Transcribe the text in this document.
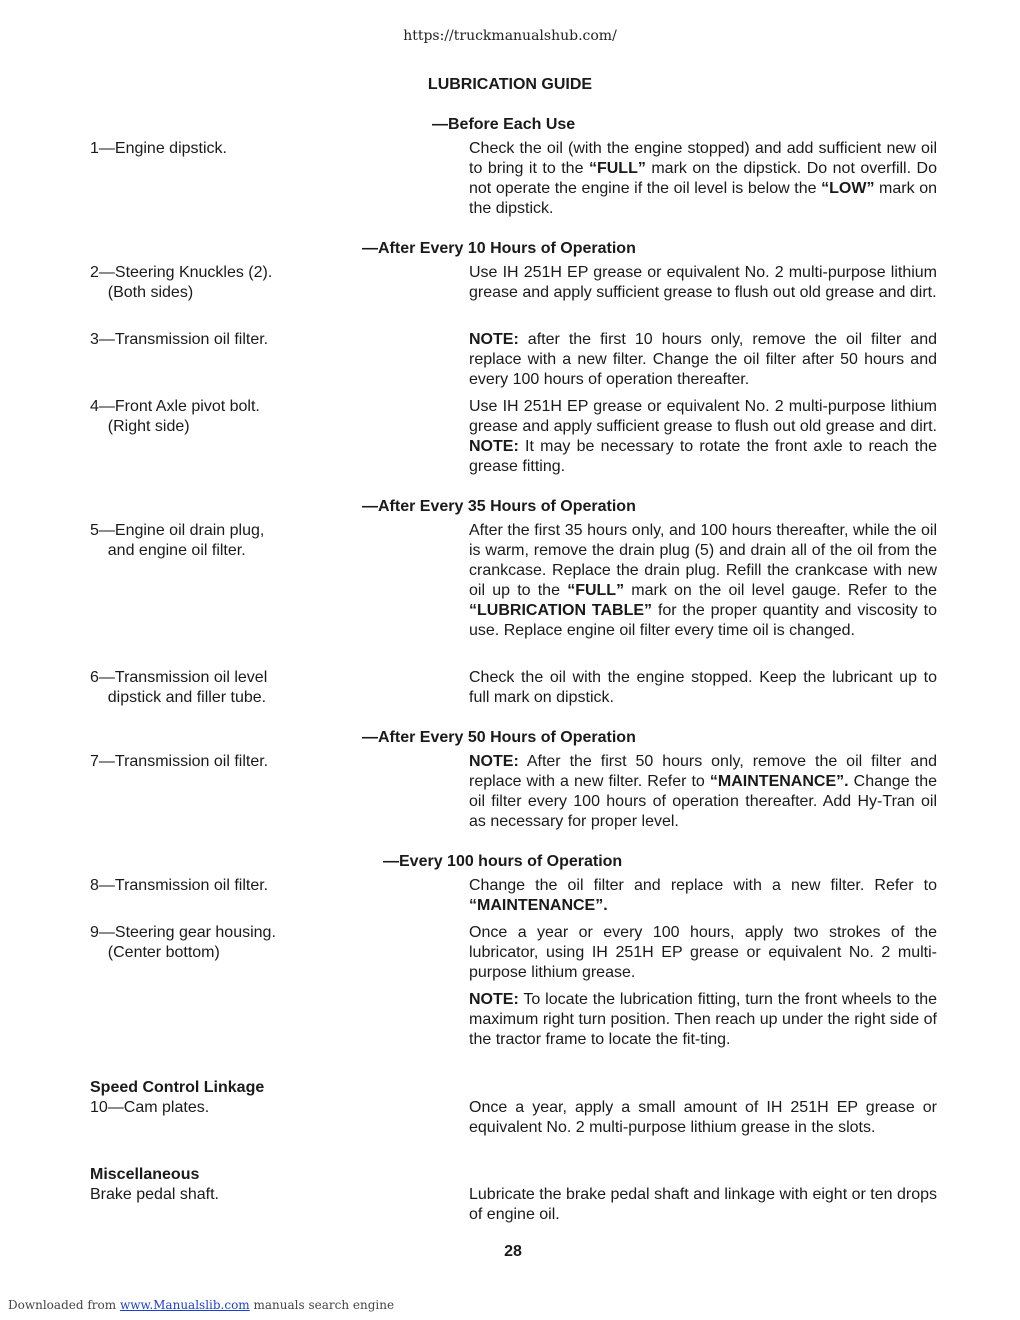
https://truckmanualshub.com/
LUBRICATION GUIDE
—Before Each Use
—After Every 10 Hours of Operation
—After Every 35 Hours of Operation
—After Every 50 Hours of Operation
—Every 100 hours of Operation
1—Engine dipstick.
2—Steering Knuckles (2).
(Both sides)
3—Transmission oil filter.
4—Front Axle pivot bolt.
(Right side)
5—Engine oil drain plug,
and engine oil filter.
6—Transmission oil level
dipstick and filler tube.
7—Transmission oil filter.
8—Transmission oil filter.
9—Steering gear housing.
(Center bottom)
Speed Control Linkage
10—Cam plates.
Miscellaneous
Brake pedal shaft.
Check the oil (with the engine stopped) and add sufficient new oil to bring it to the “FULL” mark on the dipstick. Do not overfill. Do not operate the engine if the oil level is below the “LOW” mark on the dipstick.
Use IH 251H EP grease or equivalent No. 2 multi-purpose lithium grease and apply sufficient grease to flush out old grease and dirt.
NOTE: after the first 10 hours only, remove the oil filter and replace with a new filter. Change the oil filter after 50 hours and every 100 hours of operation thereafter.
Use IH 251H EP grease or equivalent No. 2 multi-purpose lithium grease and apply sufficient grease to flush out old grease and dirt. NOTE: It may be necessary to rotate the front axle to reach the grease fitting.
After the first 35 hours only, and 100 hours thereafter, while the oil is warm, remove the drain plug (5) and drain all of the oil from the crankcase. Replace the drain plug. Refill the crankcase with new oil up to the “FULL” mark on the oil level gauge. Refer to the “LUBRICATION TABLE” for the proper quantity and viscosity to use. Replace engine oil filter every time oil is changed.
Check the oil with the engine stopped. Keep the lubricant up to full mark on dipstick.
NOTE: After the first 50 hours only, remove the oil filter and replace with a new filter. Refer to “MAINTENANCE”. Change the oil filter every 100 hours of operation thereafter. Add Hy-Tran oil as necessary for proper level.
Change the oil filter and replace with a new filter. Refer to “MAINTENANCE”.
Once a year or every 100 hours, apply two strokes of the lubricator, using IH 251H EP grease or equivalent No. 2 multi-purpose lithium grease.
NOTE: To locate the lubrication fitting, turn the front wheels to the maximum right turn position. Then reach up under the right side of the tractor frame to locate the fit-ting.
Once a year, apply a small amount of IH 251H EP grease or equivalent No. 2 multi-purpose lithium grease in the slots.
Lubricate the brake pedal shaft and linkage with eight or ten drops of engine oil.
28
Downloaded from www.Manualslib.com manuals search engine
